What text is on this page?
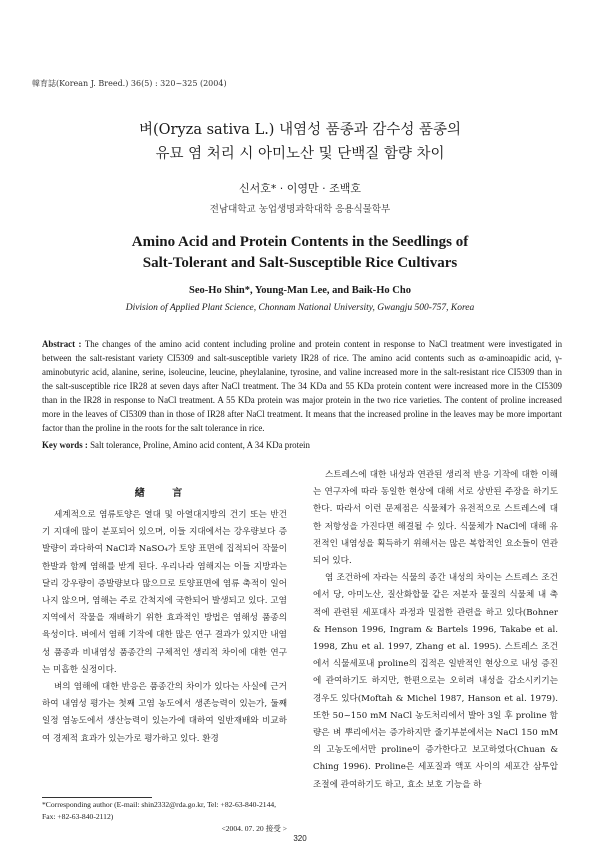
韓育誌(Korean J. Breed.) 36(5) : 320~325 (2004)
벼(Oryza sativa L.) 내염성 품종과 감수성 품종의
유묘 염 처리 시 아미노산 및 단백질 함량 차이
신서호* · 이영만 · 조백호
전남대학교 농업생명과학대학 응용식물학부
Amino Acid and Protein Contents in the Seedlings of
Salt-Tolerant and Salt-Susceptible Rice Cultivars
Seo-Ho Shin*, Young-Man Lee, and Baik-Ho Cho
Division of Applied Plant Science, Chonnam National University, Gwangju 500-757, Korea
Abstract : The changes of the amino acid content including proline and protein content in response to NaCl treatment were investigated in between the salt-resistant variety CI5309 and salt-susceptible variety IR28 of rice. The amino acid contents such as α-aminoapidic acid, γ-aminobutyric acid, alanine, serine, isoleucine, leucine, pheylalanine, tyrosine, and valine increased more in the salt-resistant rice CI5309 than in the salt-susceptible rice IR28 at seven days after NaCl treatment. The 34 KDa and 55 KDa protein content were increased more in the CI5309 than in the IR28 in response to NaCl treatment. A 55 KDa protein was major protein in the two rice varieties. The content of proline increased more in the leaves of CI5309 than in those of IR28 after NaCl treatment. It means that the increased proline in the leaves may be more important factor than the proline in the roots for the salt tolerance in rice.
Key words : Salt tolerance, Proline, Amino acid content, A 34 KDa protein
緖 言

세계적으로 염류토양은 열대 및 아열대지방의 건기 또는 반건기 지대에 많이 분포되어 있으며, 이들 지대에서는 강우량보다 증발량이 과다하여 NaCl과 NaSO₄가 토양 표면에 집적되어 작물이 한발과 함께 염해를 받게 된다. 우리나라 염해지는 이들 지방과는 달리 강우량이 증발량보다 많으므로 토양표면에 염류 축적이 일어나지 않으며, 염해는 주로 간척지에 국한되어 발생되고 있다. 고염 지역에서 작물을 재배하기 위한 효과적인 방법은 염해성 품종의 육성이다. 벼에서 염해 기작에 대한 많은 연구 결과가 있지만 내염성 품종과 비내염성 품종간의 구체적인 생리적 차이에 대한 연구는 미흡한 실정이다.

벼의 염해에 대한 반응은 품종간의 차이가 있다는 사실에 근거하여 내염성 평가는 첫째 고염 농도에서 생존능력이 있는가, 둘째 일정 염농도에서 생산능력이 있는가에 대하여 일반재배와 비교하여 경제적 효과가 있는가로 평가하고 있다. 환경

스트레스에 대한 내성과 연관된 생리적 반응 기작에 대한 이해는 연구자에 따라 동일한 현상에 대해 서로 상반된 주장을 하기도 한다. 따라서 이런 문제점은 식물체가 유전적으로 스트레스에 대한 저항성을 가진다면 해결될 수 있다. 식물체가 NaCl에 대해 유전적인 내염성을 획득하기 위해서는 많은 복합적인 요소들이 연관되어 있다.

염 조건하에 자라는 식물의 종간 내성의 차이는 스트레스 조건에서 당, 아미노산, 질산화합물 같은 저분자 물질의 식물체 내 축적에 관련된 세포대사 과정과 밀접한 관련을 하고 있다(Bohner & Henson 1996, Ingram & Bartels 1996, Takabe et al. 1998, Zhu et al. 1997, Zhang et al. 1995). 스트레스 조건에서 식물세포내 proline의 집적은 일반적인 현상으로 내성 증진에 관여하기도 하지만, 한편으로는 오히려 내성을 감소시키기는 경우도 있다(Moftah & Michel 1987, Hanson et al. 1979). 또한 50~150 mM NaCl 농도처리에서 발아 3일 후 proline 함량은 벼 뿌리에서는 증가하지만 줄기부분에서는 NaCl 150 mM의 고농도에서만 proline이 증가한다고 보고하였다(Chuan & Ching 1996). Proline은 세포질과 액포 사이의 세포간 삼투압 조절에 관여하기도 하고, 효소 보호 기능을 하

*Corresponding author (E-mail: shin2332@rda.go.kr, Tel: +82-63-840-2144, Fax: +82-63-840-2112)
<2004. 07. 20 接受 >
320
